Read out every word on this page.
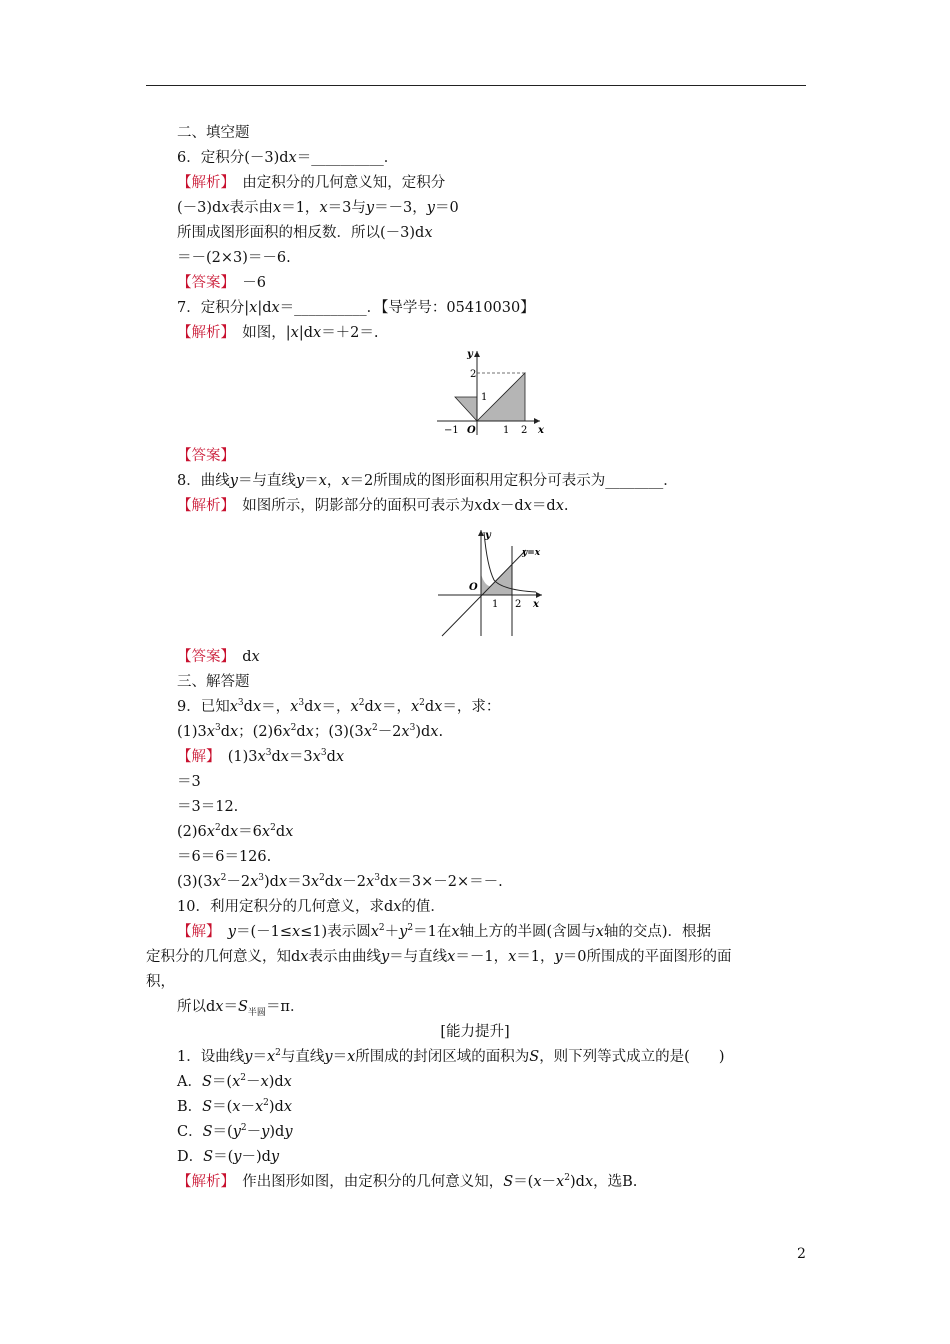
二、填空题
6．定积分(－3)dx＝__________．
【解析】　 由定积分的几何意义知，定积分
(－3)dx表示由x＝1，x＝3与y＝－3，y＝0
所围成图形面积的相反数．所以(－3)dx
＝－(2×3)＝－6.
【答案】　 －6
7．定积分|x|dx＝__________．【导学号：05410030】
【解析】　 如图，|x|dx＝＋2＝.
y
2
1
−1 O	1 2 x
【答案】
8．曲线y＝与直线y＝x，x＝2所围成的图形面积用定积分可表示为________．
【解析】　 如图所示，阴影部分的面积可表示为xdx－dx＝dx.
y
y=x
O
1 2 x
【答案】　 dx
三、解答题
9．已知$x^3dx=$，$x^3dx=$，$x^2dx=$，$x^2dx=$，求：
$(1)3x^3dx$；$(2)6x^2dx$；$(3)(3x^2-2x^3)dx$.
【解】　 $(1)3x^3dx=3x^3dx$
＝3
＝3＝12.
$(2)6x^2dx=6x^2dx$
＝6＝6＝126.
$(3)(3x^2-2x^3)dx=3x^2dx-2x^3dx=3\times-2\times=-$.
10．利用定积分的几何意义，求dx的值．
【解】　 y＝(－1≤x≤1)表示圆$x^2+y^2=1$在x轴上方的半圆(含圆与x轴的交点)．根据
定积分的几何意义，知dx表示由曲线y＝与直线x＝－1，x＝1，y＝0所围成的平面图形的面
积，
所以$dx=S_{半圆}=\pi$．
[能力提升]
1．设曲线$y=x^2$与直线y＝x所围成的封闭区域的面积为S，则下列等式成立的是(　　)
A．$S=(x^2-x)dx$
B．$S=(x-x^2)dx$
C．$S=(y^2-y)dy$
D．S＝(y－)dy
【解析】　 作出图形如图，由定积分的几何意义知，$S=(x-x^2)dx$，选B.
2
